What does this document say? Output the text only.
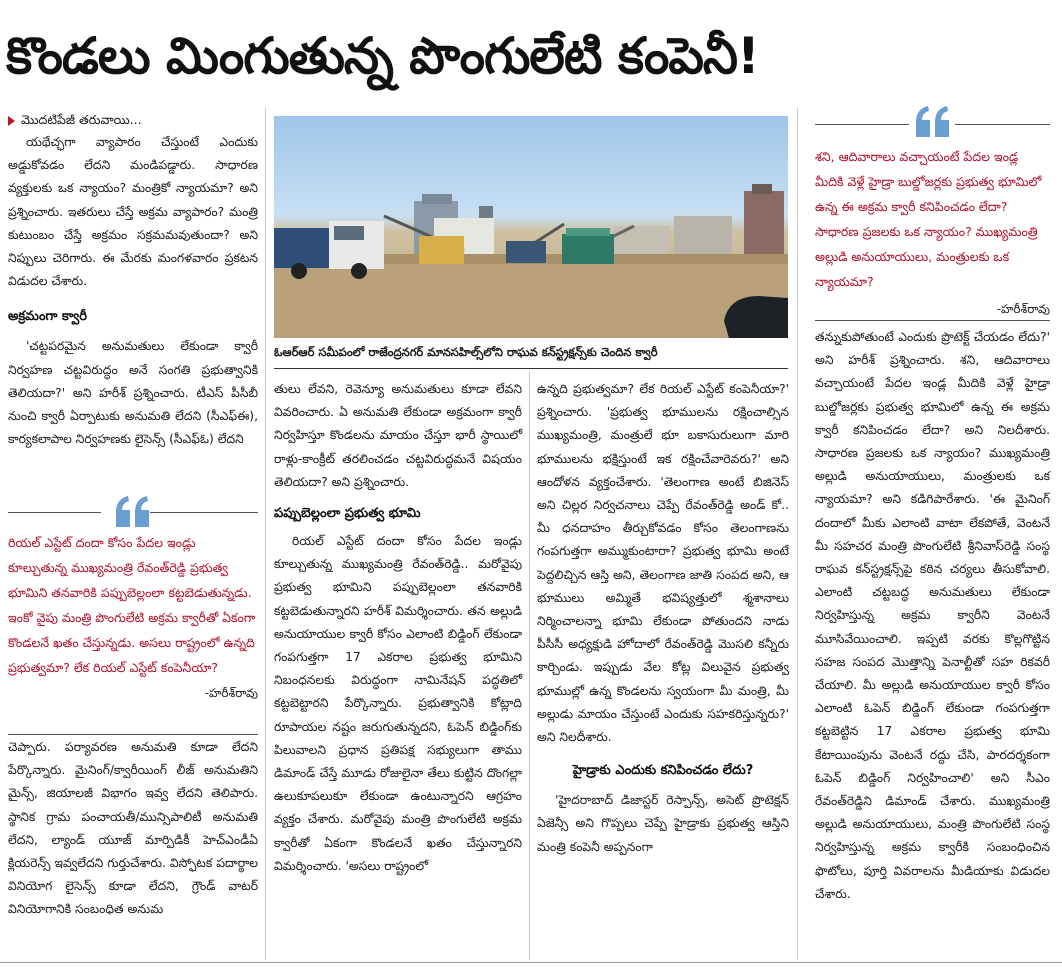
కొండలు మింగుతున్న పొంగులేటి కంపెనీ!
మొదటిపేజీ తరువాయి...

యథేచ్ఛగా వ్యాపారం చేస్తుంటే ఎందుకు అడ్డుకోవడం లేదని మండిపడ్డారు. సాధారణ వ్యక్తులకు ఒక న్యాయం? మంత్రికో న్యాయమా? అని ప్రశ్నించారు. ఇతరులు చేస్తే అక్రమ వ్యాపారం? మంత్రి కుటుంబం చేస్తే అక్రమం సక్రమమవుతుందా? అని నిప్పులు చెరిగారు. ఈ మేరకు మంగళవారం ప్రకటన విడుదల చేశారు.

అక్రమంగా క్వారీ

'చట్టపరమైన అనుమతులు లేకుండా క్వారీ నిర్వహణ చట్టవిరుద్ధం అనే సంగతి ప్రభుత్వానికి తెలియదా?' అని హరీశ్ ప్రశ్నించారు. టీఎస్ పీసీబీ నుంచి క్వారీ ఏర్పాటుకు అనుమతి లేదని (సీఎఫ్ఈ), కార్యకలాపాల నిర్వహణకు లైసెన్స్ (సీఎఫ్ఓ) లేదని

రియల్ ఎస్టేట్ దందా కోసం పేదల ఇండ్లు కూల్చుతున్న ముఖ్యమంత్రి రేవంత్‌రెడ్డి ప్రభుత్వ భూమిని తనవారికి పప్పుబెల్లంలా కట్టబెడుతున్నడు. ఇంకో వైపు మంత్రి పొంగులేటి అక్రమ క్వారీతో ఏకంగా కొండలనే ఖతం చేస్తున్నడు. అసలు రాష్ట్రంలో ఉన్నది ప్రభుత్వమా? లేక రియల్ ఎస్టేట్ కంపెనీయా?
-హరీశ్‌రావు

చెప్పారు. పర్యావరణ అనుమతి కూడా లేదని పేర్కొన్నారు. మైనింగ్/క్వారీయింగ్ లీజ్ అనుమతిని మైన్స్, జియాలజీ విభాగం ఇవ్వ లేదని తెలిపారు. స్థానిక గ్రామ పంచాయతీ/మున్సిపాలిటీ అనుమతి లేదని, ల్యాండ్ యూజ్ మార్పిడికీ హెచ్ఎండీఏ క్లియరెన్స్ ఇవ్వలేదని గుర్తుచేశారు. విస్ఫోటక పదార్థాల వినియోగ లైసెన్స్ కూడా లేదని, గ్రౌండ్ వాటర్ వినియోగానికి సంబంధిత అనుమ

ఓఆర్ఆర్ సమీపంలో రాజేంద్రనగర్ మానసహిల్స్‌లోని రాఘవ కన్‌స్ట్రక్షన్స్‌కు చెందిన క్వారీ

తులు లేవని, రెవెన్యూ అనుమతులు కూడా లేవని వివరించారు. ఏ అనుమతి లేకుండా అక్రమంగా క్వారీ నిర్వహిస్తూ కొండలను మాయం చేస్తూ భారీ స్థాయిలో రాళ్లు-కాంక్రీట్ తరలించడం చట్టవిరుద్ధమనే విషయం తెలియదా? అని ప్రశ్నించారు.

పప్పుబెల్లంలా ప్రభుత్వ భూమి

రియల్ ఎస్టేట్ దందా కోసం పేదల ఇండ్లు కూల్చుతున్న ముఖ్యమంత్రి రేవంత్‌రెడ్డి.. మరోవైపు ప్రభుత్వ భూమిని పప్పుబెల్లంలా తనవారికి కట్టబెడుతున్నారని హరీశ్ విమర్శించారు. తన అల్లుడి అనుయాయుల క్వారీ కోసం ఎలాంటి బిడ్డింగ్ లేకుండా గంపగుత్తగా 17 ఎకరాల ప్రభుత్వ భూమిని నిబంధనలకు విరుద్ధంగా నామినేషన్ పద్ధతిలో కట్టబెట్టారని పేర్కొన్నారు. ప్రభుత్వానికి కోట్లాది రూపాయల నష్టం జరుగుతున్నదని, ఓపెన్ బిడ్డింగ్‌కు పిలువాలని ప్రధాన ప్రతిపక్ష సభ్యులుగా తాము డిమాండ్ చేస్తే మూడు రోజులైనా తేలు కుట్టిన దొంగల్లా ఉలుకూపలుకూ లేకుండా ఉంటున్నారని ఆగ్రహం వ్యక్తం చేశారు. మరోవైపు మంత్రి పొంగులేటి అక్రమ క్వారీతో ఏకంగా కొండలనే ఖతం చేస్తున్నారని విమర్శించారు. 'అసలు రాష్ట్రంలో

ఉన్నది ప్రభుత్వమా? లేక రియల్ ఎస్టేట్ కంపెనీయా?' ప్రశ్నించారు. 'ప్రభుత్వ భూములను రక్షించాల్సిన ముఖ్యమంత్రి, మంత్రులే భూ బకాసురులుగా మారి భూములను భక్షిస్తుంటే ఇక రక్షించేవారెవరు?' అని ఆందోళన వ్యక్తంచేశారు. 'తెలంగాణ అంటే బిజినెస్ అని చిల్లర నిర్వచనాలు చెప్పే రేవంత్‌రెడ్డి అండ్ కో.. మీ ధనదాహం తీర్చుకోవడం కోసం తెలంగాణను గంపగుత్తగా అమ్ముకుంటారా? ప్రభుత్వ భూమి అంటే పెద్దలిచ్చిన ఆస్తి అని, తెలంగాణ జాతి సంపద అని, ఆ భూములు అమ్మితే భవిష్యత్తులో శ్మశానాలు నిర్మించాలన్నా భూమి లేకుండా పోతుందని నాడు పీసీసీ అధ్యక్షుడి హోదాలో రేవంత్‌రెడ్డి మొసలి కన్నీరు కార్చిండు. ఇప్పుడు వేల కోట్ల విలువైన ప్రభుత్వ భూముల్లో ఉన్న కొండలను స్వయంగా మీ మంత్రి, మీ అల్లుడు మాయం చేస్తుంటే ఎందుకు సహకరిస్తున్నరు?' అని నిలదీశారు.

హైడ్రాకు ఎందుకు కనిపించడం లేదు?

'హైదరాబాద్ డిజాస్టర్ రెస్పాన్స్, అసెట్ ప్రొటెక్షన్ ఏజెన్సీ అని గొప్పలు చెప్పే హైడ్రాకు ప్రభుత్వ ఆస్తిని మంత్రి కంపెనీ అప్పనంగా

శని, ఆదివారాలు వచ్చాయంటే పేదల ఇండ్ల మీదికి వెళ్లే హైడ్రా బుల్డోజర్లకు ప్రభుత్వ భూమిలో ఉన్న ఈ అక్రమ క్వారీ కనిపించడం లేదా? సాధారణ ప్రజలకు ఒక న్యాయం? ముఖ్యమంత్రి అల్లుడి అనుయాయులు, మంత్రులకు ఒక న్యాయమా?
-హరీశ్‌రావు

తన్నుకుపోతుంటే ఎందుకు ప్రొటెక్ట్ చేయడం లేదు?' అని హరీశ్ ప్రశ్నించారు. శని, ఆదివారాలు వచ్చాయంటే పేదల ఇండ్ల మీదికి వెళ్లే హైడ్రా బుల్డోజర్లకు ప్రభుత్వ భూమిలో ఉన్న ఈ అక్రమ క్వారీ కనిపించడం లేదా? అని నిలదీశారు. సాధారణ ప్రజలకు ఒక న్యాయం? ముఖ్యమంత్రి అల్లుడి అనుయాయులు, మంత్రులకు ఒక న్యాయమా? అని కడిగిపారేశారు. 'ఈ మైనింగ్ దందాలో మీకు ఎలాంటి వాటా లేకపోతే, వెంటనే మీ సహచర మంత్రి పొంగులేటి శ్రీనివాస్‌రెడ్డి సంస్థ రాఘవ కన్‌స్ట్రక్షన్స్‌పై కఠిన చర్యలు తీసుకోవాలి. ఎలాంటి చట్టబద్ధ అనుమతులు లేకుండా నిర్వహిస్తున్న అక్రమ క్వారీని వెంటనే మూసివేయించాలి. ఇప్పటి వరకు కొల్లగొట్టిన సహజ సంపద మొత్తాన్ని పెనాల్టీతో సహ రికవరీ చేయాలి. మీ అల్లుడి అనుయాయుల క్వారీ కోసం ఎలాంటి ఓపెన్ బిడ్డింగ్ లేకుండా గంపగుత్తగా కట్టబెట్టిన 17 ఎకరాల ప్రభుత్వ భూమి కేటాయింపును వెంటనే రద్దు చేసి, పారదర్శకంగా ఓపెన్ బిడ్డింగ్ నిర్వహించాలి' అని సీఎం రేవంత్‌రెడ్డిని డిమాండ్ చేశారు. ముఖ్యమంత్రి అల్లుడి అనుయాయులు, మంత్రి పొంగులేటి సంస్థ నిర్వహిస్తున్న అక్రమ క్వారీకి సంబంధించిన ఫొటోలు, పూర్తి వివరాలను మీడియాకు విడుదల చేశారు.
